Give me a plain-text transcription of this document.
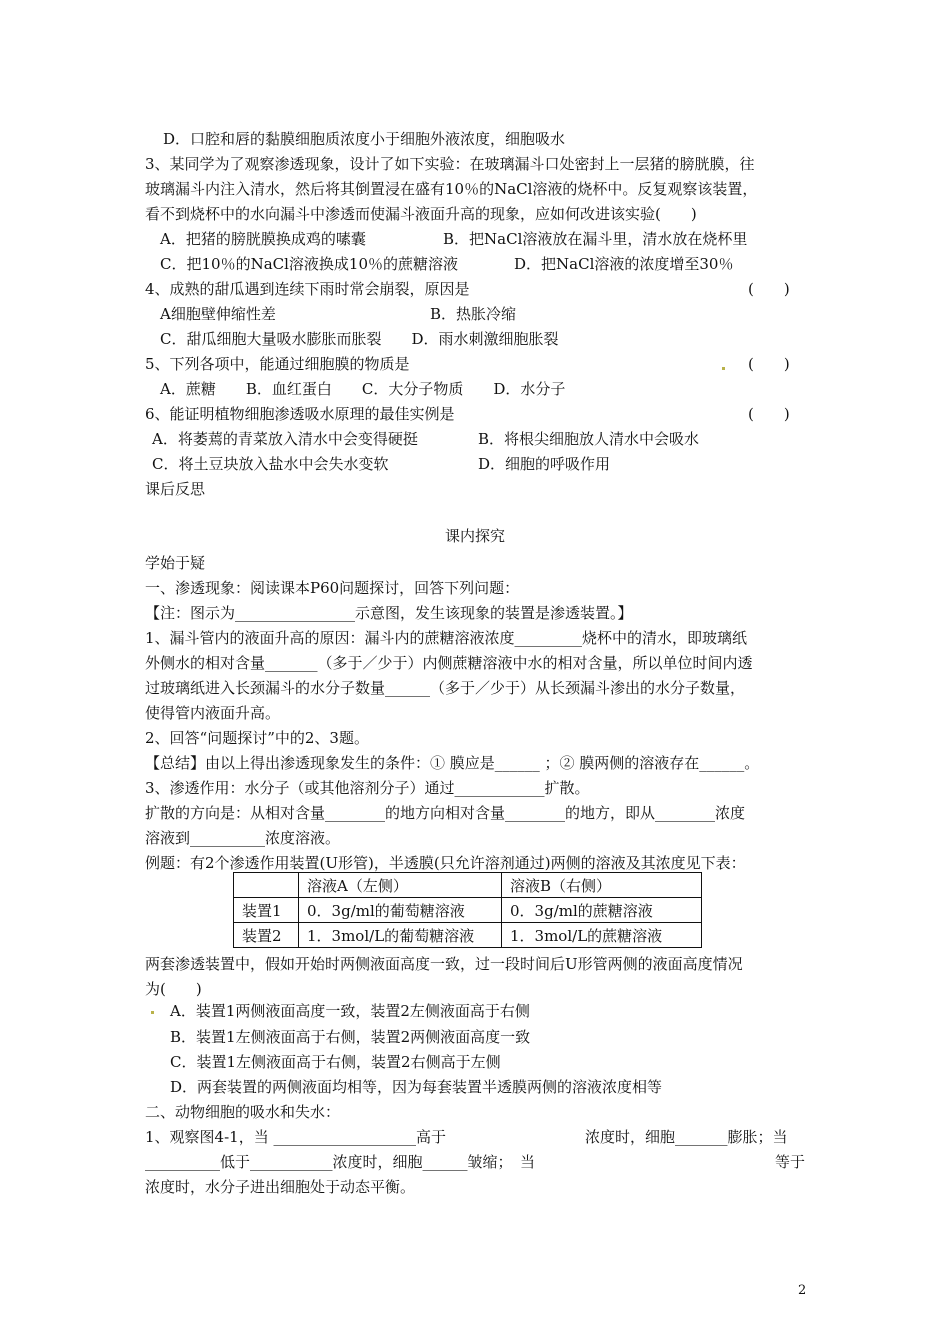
D．口腔和唇的黏膜细胞质浓度小于细胞外液浓度，细胞吸水
3、某同学为了观察渗透现象，设计了如下实验：在玻璃漏斗口处密封上一层猪的膀胱膜，往
玻璃漏斗内注入清水，然后将其倒置浸在盛有10％的NaCl溶液的烧杯中。反复观察该装置，
看不到烧杯中的水向漏斗中渗透而使漏斗液面升高的现象，应如何改进该实验(　　)
A．把猪的膀胱膜换成鸡的嗉囊	B．把NaCl溶液放在漏斗里，清水放在烧杯里
C．把10％的NaCl溶液换成10％的蔗糖溶液	D．把NaCl溶液的浓度增至30％
4、成熟的甜瓜遇到连续下雨时常会崩裂，原因是	(　　)
A细胞壁伸缩性差	B．热胀冷缩
C．甜瓜细胞大量吸水膨胀而胀裂　　D．雨水刺激细胞胀裂
5、下列各项中，能通过细胞膜的物质是	(　　)
A．蔗糖　　B．血红蛋白　　C．大分子物质　　D．水分子
6、能证明植物细胞渗透吸水原理的最佳实例是	(　　)
A．将萎蔫的青菜放入清水中会变得硬挺	B．将根尖细胞放人清水中会吸水
C．将土豆块放入盐水中会失水变软	D．细胞的呼吸作用
课后反思
课内探究
学始于疑
一、渗透现象：阅读课本P60问题探讨，回答下列问题：
【注：图示为________________示意图，发生该现象的装置是渗透装置。】
1、漏斗管内的液面升高的原因：漏斗内的蔗糖溶液浓度_________烧杯中的清水，即玻璃纸
外侧水的相对含量_______（多于／少于）内侧蔗糖溶液中水的相对含量，所以单位时间内透
过玻璃纸进入长颈漏斗的水分子数量______（多于／少于）从长颈漏斗渗出的水分子数量，
使得管内液面升高。
2、回答“问题探讨”中的2、3题。
【总结】由以上得出渗透现象发生的条件：① 膜应是______ ；② 膜两侧的溶液存在______。
3、渗透作用：水分子（或其他溶剂分子）通过____________扩散。
扩散的方向是：从相对含量________的地方向相对含量________的地方，即从________浓度
溶液到__________浓度溶液。
例题：有2个渗透作用装置(U形管)，半透膜(只允许溶剂通过)两侧的溶液及其浓度见下表：
	溶液A（左侧）	溶液B（右侧）
装置1	0．3g/ml的葡萄糖溶液	0．3g/ml的蔗糖溶液
装置2	1．3mol/L的葡萄糖溶液	1．3mol/L的蔗糖溶液
两套渗透装置中，假如开始时两侧液面高度一致，过一段时间后U形管两侧的液面高度情况
为(　　)
A．装置1两侧液面高度一致，装置2左侧液面高于右侧
B．装置1左侧液面高于右侧，装置2两侧液面高度一致
C．装置1左侧液面高于右侧，装置2右侧高于左侧
D．两套装置的两侧液面均相等，因为每套装置半透膜两侧的溶液浓度相等
二、动物细胞的吸水和失水：
1、观察图4-1，当 ___________________高于	浓度时，细胞_______膨胀；当
__________低于___________浓度时，细胞______皱缩；　当	等于
浓度时，水分子进出细胞处于动态平衡。
2
